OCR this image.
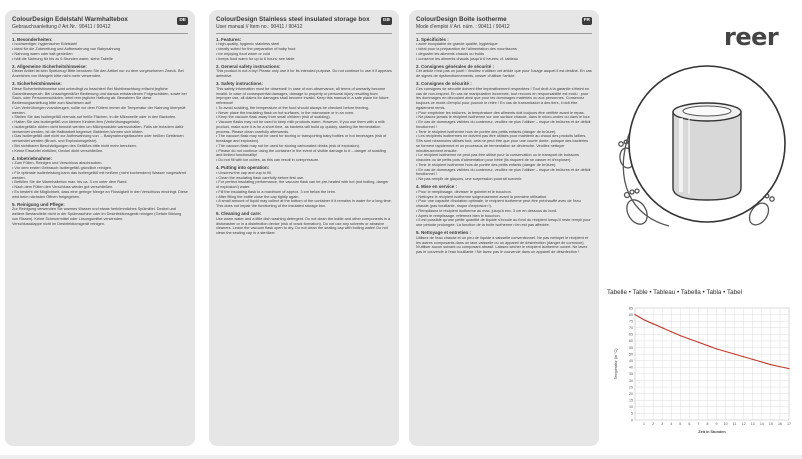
ColourDesign Edelstahl Warmhaltebox
Gebrauchsanleitung // Art.Nr.: 90411 / 90412
DE
1. Besonderheiten:
• hochwertiger, hygienischer Edelstahl
• ideal für die Zubereitung und Aufbewahrung von Babynahrung
• Nahrung warm oder kalt genießen
• hält die Nahrung für bis zu 6 Stunden warm; siehe Tabelle
2. Allgemeine Sicherheitshinweise:
Dieser Artikel ist kein Spielzeug! Bitte benutzen Sie den Artikel nur zu dem vorgesehenen Zweck. Bei Anzeichen von Mängeln bitte nicht mehr verwenden.
3. Sicherheitshinweise:
Diese Sicherheitshinweise sind unbedingt zu beachten! Bei Nichtbeachtung erlischt jegliche Garantieanspruch. Bei unsachgemäßer Bedienung und daraus entstandenen Folgeschäden, sowie bei Sach- oder Personenschäden, lehnt reer jegliche Haftung ab. Bewahren Sie diese Bedienungsanleitung bitte zum Nachlesen auf!
• Um Verbrühungen vorzubeugen, sollte vor dem Füttern immer die Temperatur der Nahrung überprüft werden.
• Stellen Sie das Isoliergefäß niemals auf heiße Flächen, in die Mikrowelle oder in den Backofen.
• Halten Sie das Isoliergefäß von kleinen Kindern fern (Verbrühungsgefahr).
• Isoliergefäße dürfen nicht benutzt werden um Milchprodukte warmzuhalten. Falls sie trotzdem dafür verwendet werden, ist die Haltbarkeit begrenzt; Bakterien können sich bilden.
• Das Isoliergefäß darf nicht zur Aufbewahrung von ... Babynahrungsflaschen oder heißen Getränken verwendet werden (Bruch- und Explosionsgefahr).
• Bei sichtbaren Beschädigungen des Gefäßes bitte nicht mehr benutzen.
• Keine Eiswürfel einfüllen; Deckel dicht verschließen.
4. Inbetriebnahme:
• Zum Füllen, Reinigen und Verschluss abschrauben.
• Vor dem ersten Gebrauch Isoliergefäß gründlich reinigen.
• Für optimale Isolierleistung kann das Isoliergefäß mit heißem (nicht kochendem) Wasser vorgewärmt werden.
• Befüllen Sie die Warmhaltebox max. bis ca. 3 cm unter dem Rand.
• Nach dem Füllen den Verschluss wieder gut verschließen.
• Es besteht die Möglichkeit, dass eine geringe Menge an Flüssigkeit in den Verschluss eindringt. Diese wird beim nächsten Öffnen freigegeben.
5. Reinigung und Pflege:
Zur Reinigung verwenden Sie warmes Wasser und etwas herkömmliches Spülmittel. Deckel und weitere Bestandteile nicht in der Spülmaschine oder im Desinfektionsgerät reinigen (Gefahr Bildung von Rissen). Keine Scheuermittel oder Lösungsmittel verwenden.
Verschlussklappe nicht im Desinfektionsgerät reinigen.
ColourDesign Stainless steel insulated storage box
User manual // Item no.: 90411 / 90412
GB
1. Features:
• high-quality, hygienic stainless steel
• ideally suited for the preparation of baby food
• for enjoying food warm or cold
• keeps food warm for up to 6 hours; see table
2. General safety instructions:
This product is not a toy! Please only use it for its intended purpose. Do not continue to use it if appears defective.
3. Safety instructions:
This safety information must be observed! In case of non-observance, all terms of warranty become invalid. In case of consequential damages, damage to property or personal injury resulting from improper use, all claims for damages shall become invalid. Keep this manual in a safe place for future reference!
• To avoid scalding, the temperature of the food should always be checked before feeding.
• Never place the insulating flask on hot surfaces, in the microwave or in an oven.
• Keep the vacuum flask away from small children (risk of scalding).
• Vacuum flasks may not be used to keep milk products warm. However, if you use them with a milk product, make sure it is for a short time, as bacteria will build up quickly, starting the fermentation process. Please clean carefully afterwards.
• The vacuum flask may not be used for storing or transporting baby bottles or hot beverages (risk of breakage and explosion).
• The vacuum flask may not be used for storing carbonated drinks (risk of explosion).
• Please do not continue using the container in the event of visible damage to it – danger of scalding and limited functionality!
• Do not fill with ice cubes, as this can result in overpressure.
4. Putting into operation:
• Unscrew the cap and cup to fill.
• Clean the insulating flask carefully before first use.
• For perfect insulating performance, the vacuum flask can be pre-heated with hot (not boiling, danger of explosion!) water.
• Fill the insulating flask to a maximum of approx. 3 cm below the brim.
• After filling the bottle close the cap tightly again.
• A small amount of liquid may collect at the bottom of the container if it remains in water for a long time. This does not impair the functioning of the insulated storage box.
5. Cleaning and care:
Use warm water and a little dish washing detergent. Do not clean the bottle and other components in a dishwasher or in a disinfection device (risk of crack formation). Do not use any solvents or abrasive cleaners. Leave the vacuum flask open to dry. Do not clean the sealing cap with boiling water! Do not clean the sealing cap in a sterilizer.
ColourDesign Boîte isotherme
Mode d'emploi // Art. núm. : 90411 / 90412
FR
1. Spécificités :
• acier inoxydable de grande qualité, hygiénique
• idéal pour la préparation de l'alimentation des nourrissons
• déguster les aliments chauds ou froids
• conserve les aliments chauds jusqu'à 6 heures; cf. tableau
2. Consignes générales de sécurité :
Cet article n'est pas un jouet ! Veuillez n'utiliser cet article que pour l'usage auquel il est destiné. En cas de signes de dysfonctionnements, cesser d'utiliser l'article.
3. Consignes de sécurité :
Ces consignes de sécurité doivent être impérativement respectées ! Tout droit à la garantie s'éteint en cas de non-respect. En cas de manipulation incorrecte, tout recours en responsabilité est exclu : pour les dommages en découlant ainsi que pour les dommages matériels ou aux personnes. Conservez toujours ce mode d'emploi pour pouvoir le relire ! En cas de transmission à des tiers, il doit être également remis.
• Pour empêcher les brûlures, la température des aliments doit toujours être vérifiée avant le repas.
• Ne placez jamais le récipient isotherme sur une surface chaude, dans le micro-ondes ou dans le four.
• En cas de dommages visibles du conteneur, veuillez ne plus l'utiliser – risque de brûlures et de déficit fonctionnel !
• Tenir le récipient isotherme hors de portée des petits enfants (danger de brûlure).
• Les récipients isothermes ne doivent pas être utilisés pour maintenir au chaud des produits laitiers. S'ils sont néanmoins utilisés tout, cela ne peut être que pour une courte durée, puisque des bactéries se forment rapidement et un processus de fermentation se déclenche. Veuillez nettoyer minutieusement ensuite.
• Le récipient isotherme ne peut pas être utilisé pour la conservation ou le transport de boissons chaudes ou de petits pots d'alimentation pour bébé (ils risquent de se casser et d'exploser).
• Tenir le récipient isotherme hors de portée des petits enfants (danger de brûlure).
• En cas de dommages visibles du conteneur, veuillez ne plus l'utiliser – risque de brûlures et de déficit fonctionnel !
• Ne pas remplir de glaçons, une surpression pourrait survenir.
4. Mise en service :
• Pour le remplissage, dévisser le gobelet et le bouchon.
• Nettoyez le récipient isotherme soigneusement avant la première utilisation.
• Pour une capacité d'isolation optimale, le récipient isotherme peut être préchauffé avec de l'eau chaude (pas bouillante, risque d'explosion !).
• Remplissez le récipient isotherme au max. jusqu'à env. 3 cm en dessous du bord.
• Après le remplissage, refermez bien le bouchon.
• Il est possible qu'une petite quantité de liquide s'écoule au fond du récipient lorsqu'il reste rempli pour une période prolongée. La fonction de la boîte isotherme n'en est pas affectée.
5. Nettoyage et entretien :
Utilisez de l'eau chaude et un peu de liquide à vaisselle conventionnel. Ne pas nettoyer le récipient et les autres composants dans un lave-vaisselle ou un appareil de désinfection (danger de corrosion). N'utiliser aucun solvant ou composant abrasif. Laissez sécher le récipient isotherme ouvert. Ne lavez pas le couvercle à l'eau bouillante ! Ne lavez pas le couvercle dans un appareil de désinfection !
reer
Tabelle • Table • Tableau • Tabella • Tabla • Tabel
0
5
10
15
20
25
30
35
40
45
50
55
60
65
70
75
80
85
1 2 3 4 5 6 7 8 9 10 11 12 13 14 15 16 17
Temperatur (in °C)
Zeit in Stunden
